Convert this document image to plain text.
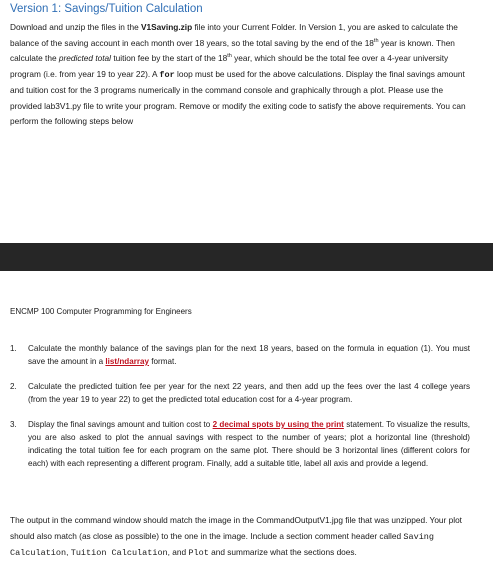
Version 1: Savings/Tuition Calculation

Download and unzip the files in the V1Saving.zip file into your Current Folder. In Version 1, you are asked to calculate the balance of the saving account in each month over 18 years, so the total saving by the end of the 18th year is known. Then calculate the predicted total tuition fee by the start of the 18th year, which should be the total fee over a 4-year university program (i.e. from year 19 to year 22). A for loop must be used for the above calculations. Display the final savings amount and tuition cost for the 3 programs numerically in the command console and graphically through a plot. Please use the provided lab3V1.py file to write your program. Remove or modify the exiting code to satisfy the above requirements. You can perform the following steps below

ENCMP 100 Computer Programming for Engineers

1. Calculate the monthly balance of the savings plan for the next 18 years, based on the formula in equation (1). You must save the amount in a list/ndarray format.
2. Calculate the predicted tuition fee per year for the next 22 years, and then add up the fees over the last 4 college years (from the year 19 to year 22) to get the predicted total education cost for a 4-year program.
3. Display the final savings amount and tuition cost to 2 decimal spots by using the print statement. To visualize the results, you are also asked to plot the annual savings with respect to the number of years; plot a horizontal line (threshold) indicating the total tuition fee for each program on the same plot. There should be 3 horizontal lines (different colors for each) with each representing a different program. Finally, add a suitable title, label all axis and provide a legend.

The output in the command window should match the image in the CommandOutputV1.jpg file that was unzipped. Your plot should also match (as close as possible) to the one in the image. Include a section comment header called Saving Calculation, Tuition Calculation, and Plot and summarize what the sections does.
